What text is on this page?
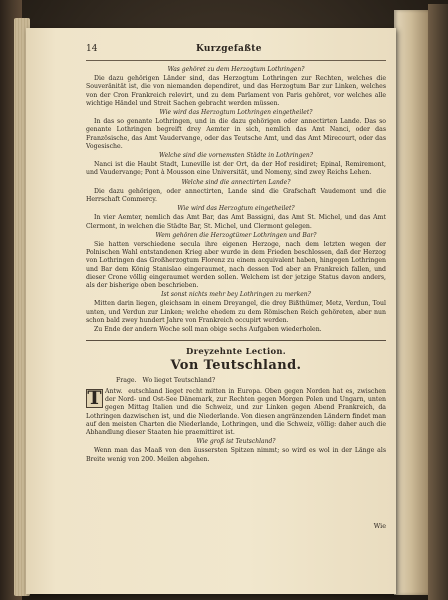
14	Kurzgefaßte

Was gehöret zu dem Herzogtum Lothringen?

Die dazu gehörigen Länder sind, das Herzogtum Lothringen zur Rechten, welches die Souveränität ist, die von niemanden dependiret, und das Herzogtum Bar zur Linken, welches von der Cron Frankreich relevirt, und zu dem Parlament von Paris gehöret, vor welches alle wichtige Händel und Streit Sachen gebracht werden müssen.

Wie wird das Herzogtum Lothringen eingetheilet?

In das so genante Lothringen, und in die dazu gehörigen oder annectirten Lande. Das so genante Lothringen begreift drey Aemter in sich, nemlich das Amt Nanci, oder das Französische, das Amt Vaudervange, oder das Teutsche Amt, und das Amt Mirecourt, oder das Vogesische.

Welche sind die vornemsten Städte in Lothringen?

Nanci ist die Haubt Stadt, Luneville ist der Ort, da der Hof residiret; Epinal, Remiremont, und Vaudervange; Pont à Mousson eine Universität, und Nomeny, sind zwey Reichs Lehen.

Welche sind die annectirten Lande?

Die dazu gehörigen, oder annectirten, Lande sind die Grafschaft Vaudemont und die Herrschaft Commercy.

Wie wird das Herzogtum eingetheilet?

In vier Aemter, nemlich das Amt Bar, das Amt Bassigni, das Amt St. Michel, und das Amt Clermont, in welchen die Städte Bar, St. Michel, und Clermont gelegen.

Wem gehören die Herzogtümer Lothringen und Bar?

Sie hatten verschiedene secula ihre eigenen Herzoge, nach dem letzten wegen der Polnischen Wahl entstandenen Krieg aber wurde in dem Frieden beschlossen, daß der Herzog von Lothringen das Großherzogtum Florenz zu einem acquivalent haben, hingegen Lothringen und Bar dem König Stanislao eingeraumet, nach dessen Tod aber an Frankreich fallen, und dieser Crone völlig eingeraumet werden sollen. Welchem ist der jetzige Status davon anders, als der bisherige oben beschrieben.

Ist sonst nichts mehr bey Lothringen zu merken?

Mitten darin liegen, gleichsam in einem Dreyangel, die drey Bißthümer, Metz, Verdun, Toul unten, und Verdun zur Linken; welche ehedem zu dem Römischen Reich gehöreten, aber nun schon bald zwey hundert Jahre von Frankreich occupirt werden.

Zu Ende der andern Woche soll man obige sechs Aufgaben wiederholen.

Dreyzehnte Lection.
Von Teutschland.

Frage. Wo lieget Teutschland?

Antw.
T	eutschland lieget recht mitten in Europa. Oben gegen Norden hat es, zwischen der Nord- und Ost-See Dänemark, zur Rechten gegen Morgen Polen und Ungarn, unten gegen Mittag Italien und die Schweiz, und zur Linken gegen Abend Frankreich, da Lothringen dazwischen ist, und die Niederlande. Von diesen angränzenden Ländern findet man auf den meisten Charten die Niederlande, Lothringen, und die Schweiz, völlig: daher auch die Abhandlung dieser Staaten hie praemittiret ist.

Wie groß ist Teutschland?

Wenn man das Maaß von den äussersten Spitzen nimmt; so wird es wol in der Länge als Breite wenig von 200. Meilen abgehen.

Wie
